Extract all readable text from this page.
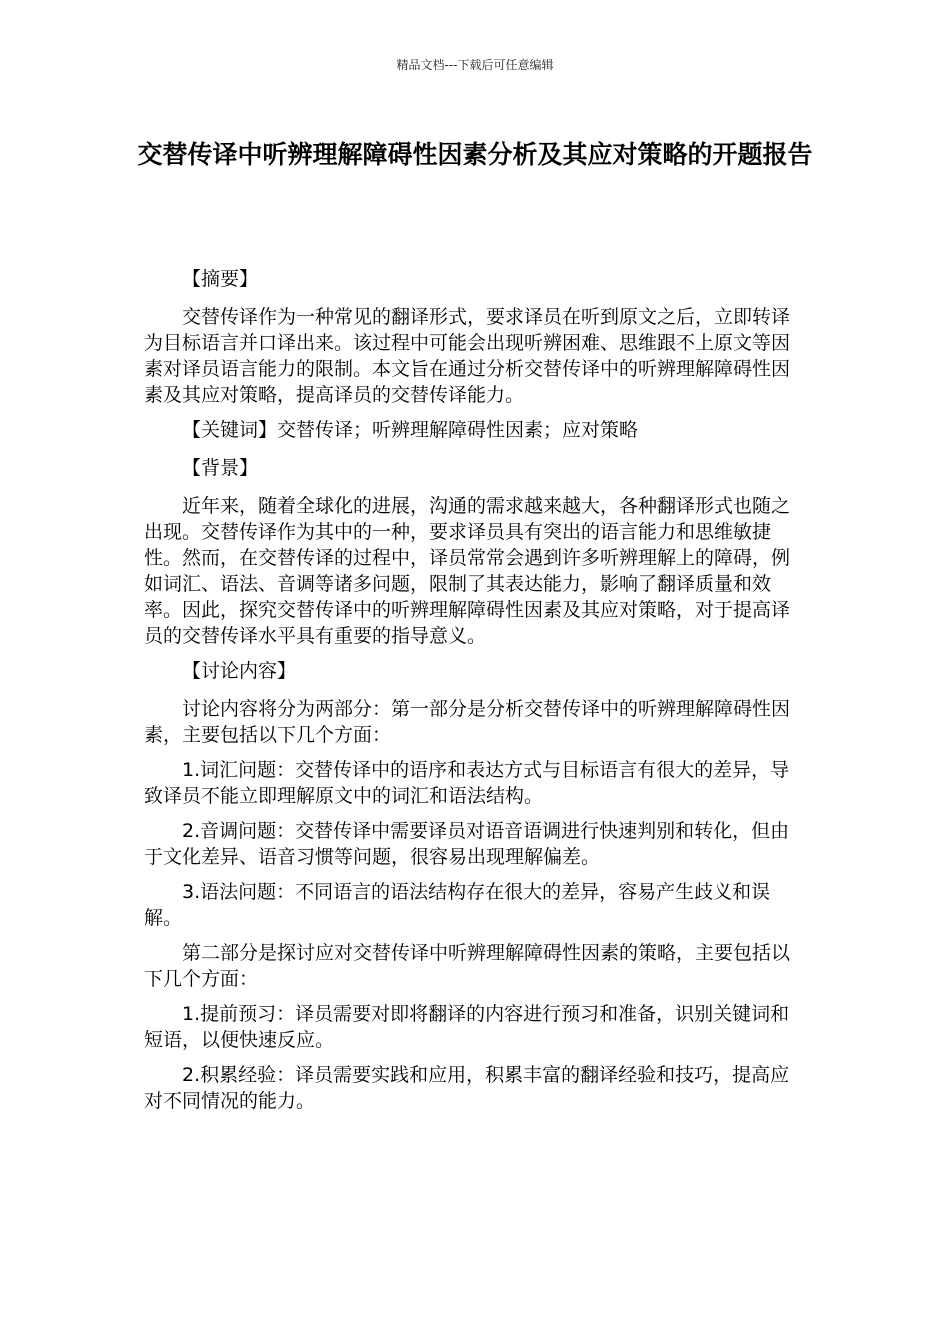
精品文档---下载后可任意编辑
交替传译中听辨理解障碍性因素分析及其应对策略的开题报告

【摘要】

交替传译作为一种常见的翻译形式，要求译员在听到原文之后，立即转译为目标语言并口译出来。该过程中可能会出现听辨困难、思维跟不上原文等因素对译员语言能力的限制。本文旨在通过分析交替传译中的听辨理解障碍性因素及其应对策略，提高译员的交替传译能力。

【关键词】交替传译；听辨理解障碍性因素；应对策略

【背景】

近年来，随着全球化的进展，沟通的需求越来越大，各种翻译形式也随之出现。交替传译作为其中的一种，要求译员具有突出的语言能力和思维敏捷性。然而，在交替传译的过程中，译员常常会遇到许多听辨理解上的障碍，例如词汇、语法、音调等诸多问题，限制了其表达能力，影响了翻译质量和效率。因此，探究交替传译中的听辨理解障碍性因素及其应对策略，对于提高译员的交替传译水平具有重要的指导意义。

【讨论内容】

讨论内容将分为两部分：第一部分是分析交替传译中的听辨理解障碍性因素，主要包括以下几个方面：

1.词汇问题：交替传译中的语序和表达方式与目标语言有很大的差异，导致译员不能立即理解原文中的词汇和语法结构。

2.音调问题：交替传译中需要译员对语音语调进行快速判别和转化，但由于文化差异、语音习惯等问题，很容易出现理解偏差。

3.语法问题：不同语言的语法结构存在很大的差异，容易产生歧义和误解。

第二部分是探讨应对交替传译中听辨理解障碍性因素的策略，主要包括以下几个方面：

1.提前预习：译员需要对即将翻译的内容进行预习和准备，识别关键词和短语，以便快速反应。

2.积累经验：译员需要实践和应用，积累丰富的翻译经验和技巧，提高应对不同情况的能力。
